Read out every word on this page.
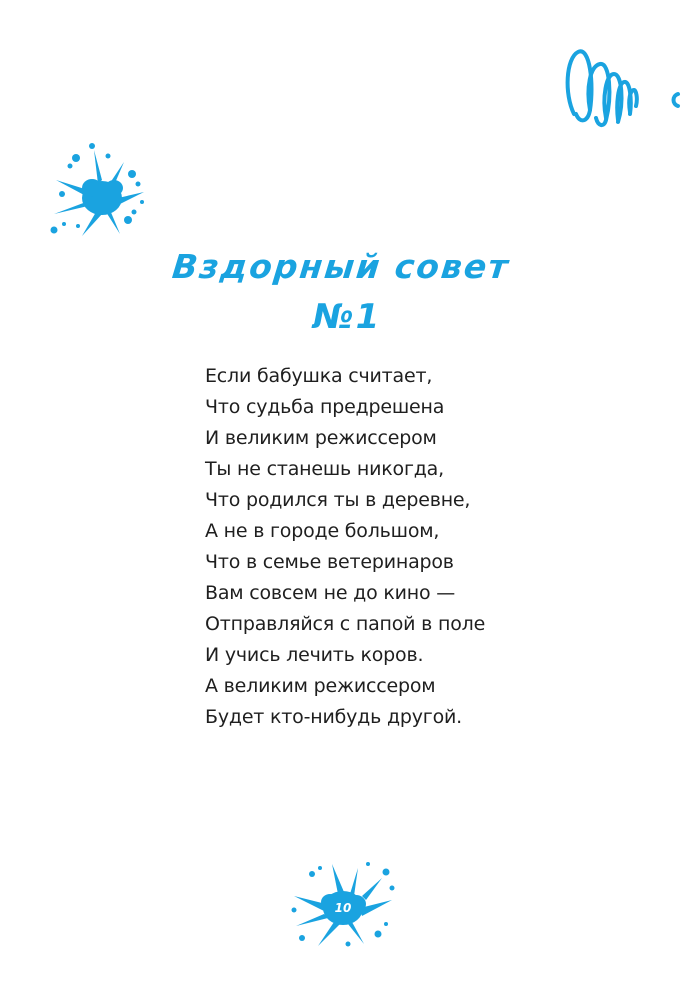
Вздорный совет
№1
Если бабушка считает,
Что судьба предрешена
И великим режиссером
Ты не станешь никогда,
Что родился ты в деревне,
А не в городе большом,
Что в семье ветеринаров
Вам совсем не до кино —
Отправляйся с папой в поле
И учись лечить коров.
А великим режиссером
Будет кто-нибудь другой.
10
